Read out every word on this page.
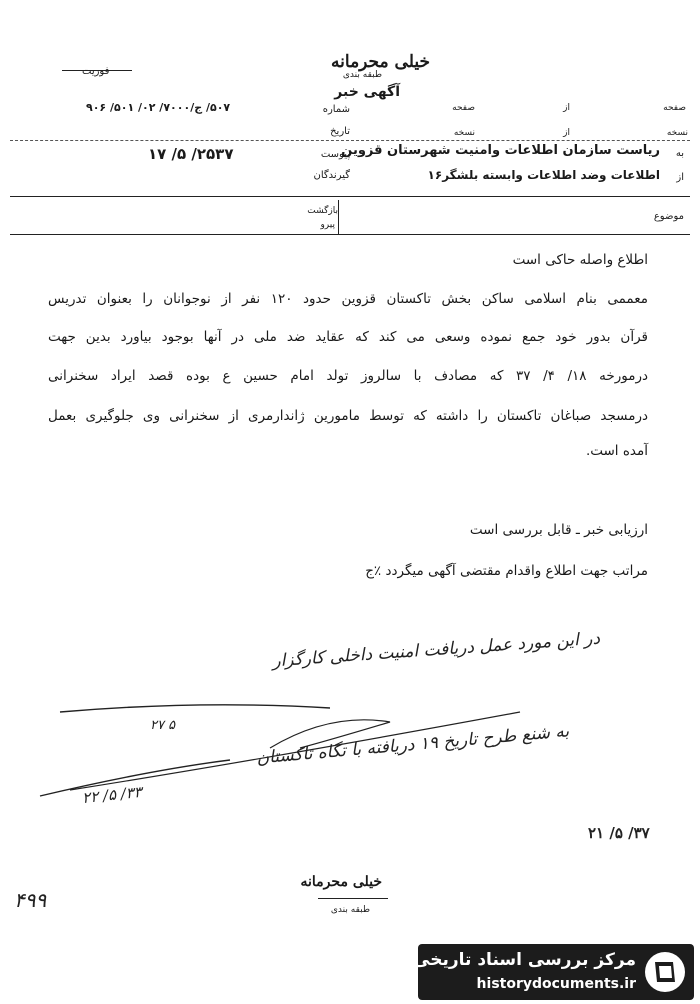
خیلی محرمانه
طبقه بندی
فوریت
آگهی خبر
صفحه
از
صفحه
نسخه
از
نسخه
به
ریاست سازمان اطلاعات وامنیت شهرستان قزوین
از
اطلاعات وضد اطلاعات وابسته بلشگر۱۶
شماره
۵۰۷/ ج/۷۰۰۰/ ۰۲/ ۵۰۱/ ۹۰۶
تاریخ
پیوست
۲۵۳۷/ ۵/ ۱۷
گیرندگان
موضوع
بازگشت
پیرو
اطلاع واصله حاکی است
معممی بنام اسلامی ساکن بخش تاکستان قزوین حدود ۱۲۰ نفر از نوجوانان را بعنوان تدریس
قرآن بدور خود جمع نموده وسعی می کند که عقاید ضد ملی در آنها بوجود بیاورد بدین جهت
درمورخه ۱۸/ ۴/ ۳۷ که مصادف با سالروز تولد امام حسین ع بوده قصد ایراد سخنرانی
درمسجد صباغان تاکستان را داشته که توسط مامورین ژاندارمری از سخنرانی وی جلوگیری بعمل
آمده است.
ارزیابی خبر ـ قابل بررسی است
مراتب جهت اطلاع واقدام مقتضی آگهی میگردد ٪ج
در این مورد عمل دریافت امنیت داخلی کارگزار
۵ ۲۷
به شنع طرح تاریخ ۱۹ دریافته با تگاه تاکستان
۳۳/ ۵/ ۲۲
۳۷/ ۵/ ۲۱
۴۹۹
خیلی محرمانه
طبقه بندی
مرکز بررسی اسناد تاریخی
historydocuments.ir
